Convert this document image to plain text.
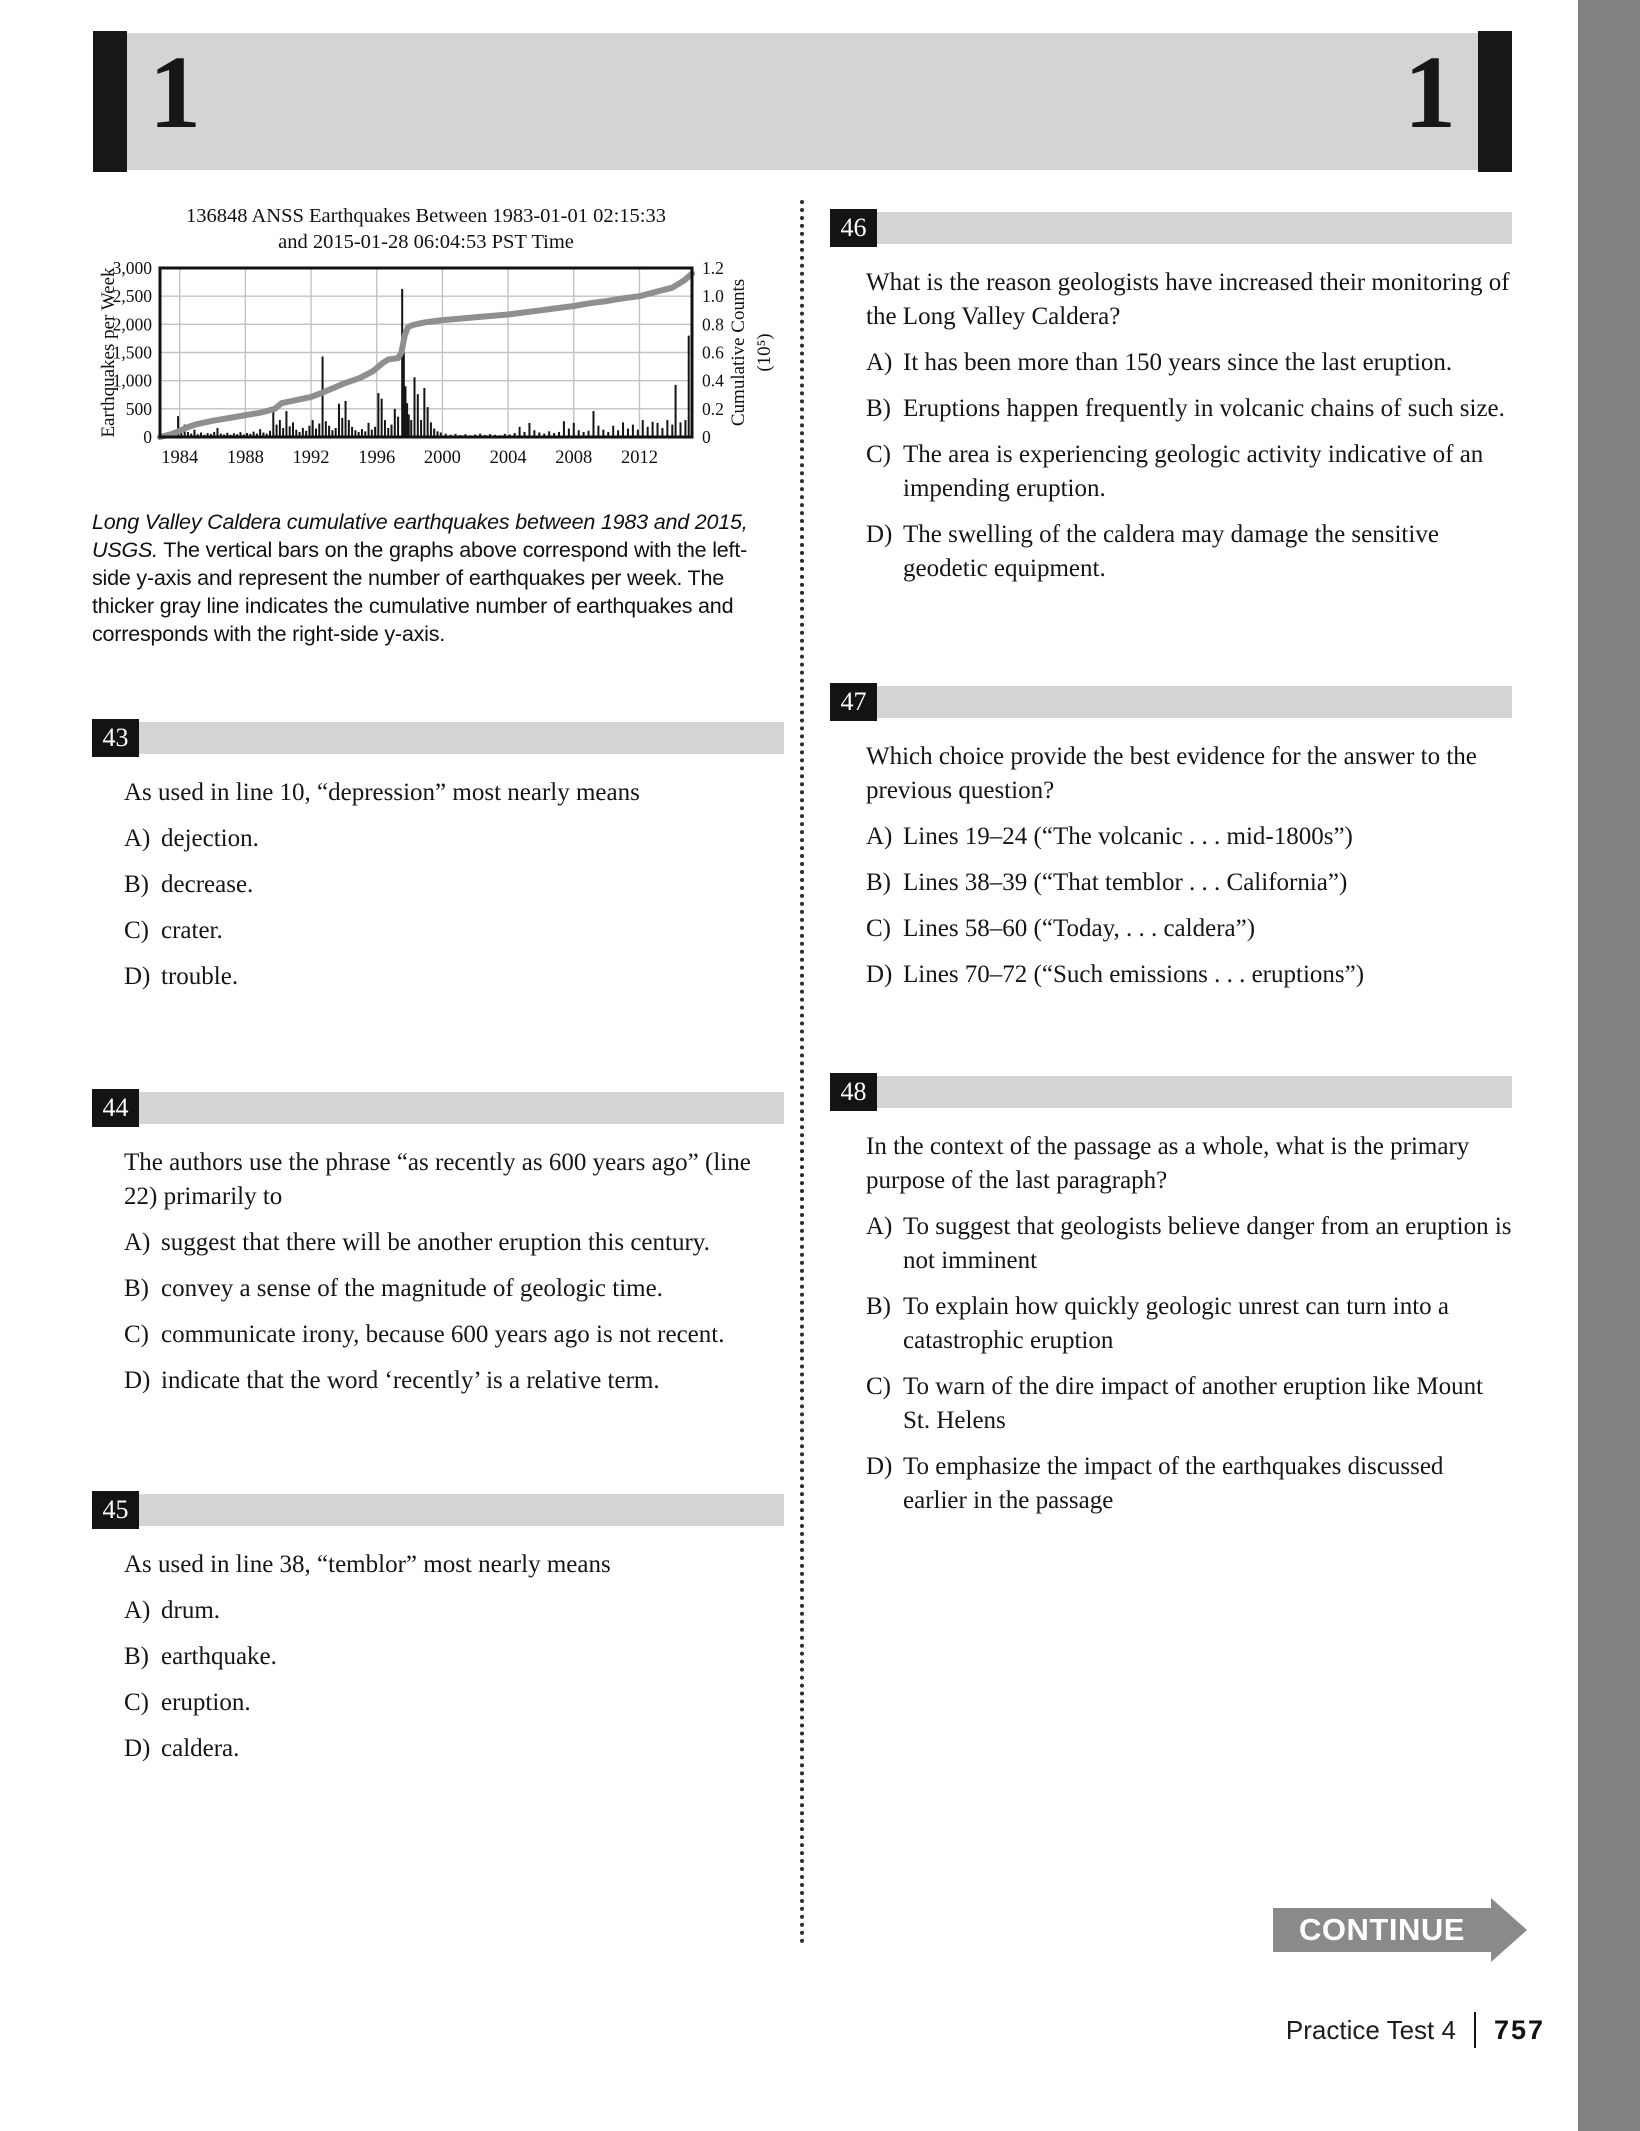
1	1
136848 ANSS Earthquakes Between 1983-01-01 02:15:33
and 2015-01-28 06:04:53 PST Time
3,000
2,500
2,000
1,500
1,000
500
0
1.2
1.0
0.8
0.6
0.4
0.2
0
1984 1988 1992 1996 2000 2004 2008 2012
Earthquakes per Week	Cumulative Counts (10⁵)

Long Valley Caldera cumulative earthquakes between 1983 and 2015, USGS. The vertical bars on the graphs above correspond with the left-side y-axis and represent the number of earthquakes per week. The thicker gray line indicates the cumulative number of earthquakes and corresponds with the right-side y-axis.

43

As used in line 10, “depression” most nearly means

A) dejection.
B) decrease.
C) crater.
D) trouble.
44

The authors use the phrase “as recently as 600 years ago” (line 22) primarily to

A) suggest that there will be another eruption this century.
B) convey a sense of the magnitude of geologic time.
C) communicate irony, because 600 years ago is not recent.
D) indicate that the word ‘recently’ is a relative term.
45

As used in line 38, “temblor” most nearly means

A) drum.
B) earthquake.
C) eruption.
D) caldera.
46

What is the reason geologists have increased their monitoring of the Long Valley Caldera?

A) It has been more than 150 years since the last eruption.
B) Eruptions happen frequently in volcanic chains of such size.
C) The area is experiencing geologic activity indicative of an impending eruption.
D) The swelling of the caldera may damage the sensitive geodetic equipment.
47

Which choice provide the best evidence for the answer to the previous question?

A) Lines 19–24 (“The volcanic . . . mid-1800s”)
B) Lines 38–39 (“That temblor . . . California”)
C) Lines 58–60 (“Today, . . . caldera”)
D) Lines 70–72 (“Such emissions . . . eruptions”)
48

In the context of the passage as a whole, what is the primary purpose of the last paragraph?

A) To suggest that geologists believe danger from an eruption is not imminent
B) To explain how quickly geologic unrest can turn into a catastrophic eruption
C) To warn of the dire impact of another eruption like Mount St. Helens
D) To emphasize the impact of the earthquakes discussed earlier in the passage
CONTINUE
Practice Test 4 757
